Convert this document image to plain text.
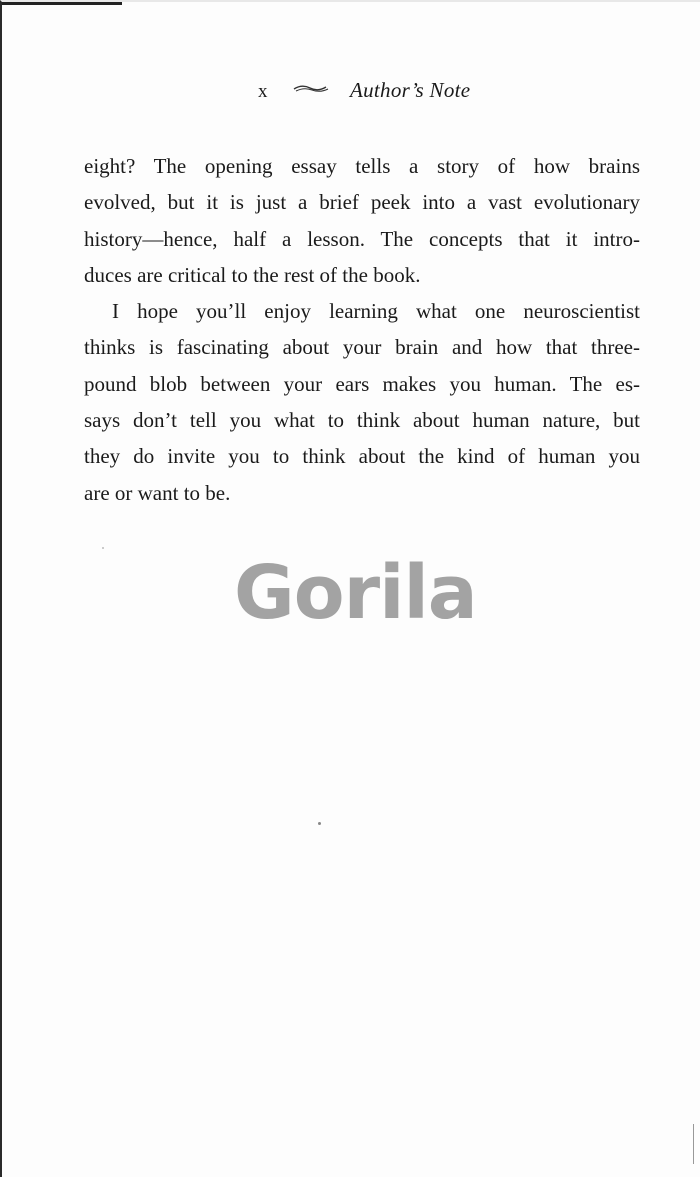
x	Author’s Note
eight? The opening essay tells a story of how brains
evolved, but it is just a brief peek into a vast evolutionary
history—hence, half a lesson. The concepts that it intro-
duces are critical to the rest of the book.
I hope you’ll enjoy learning what one neuroscientist
thinks is fascinating about your brain and how that three-
pound blob between your ears makes you human. The es-
says don’t tell you what to think about human nature, but
they do invite you to think about the kind of human you
are or want to be.
Gorila
